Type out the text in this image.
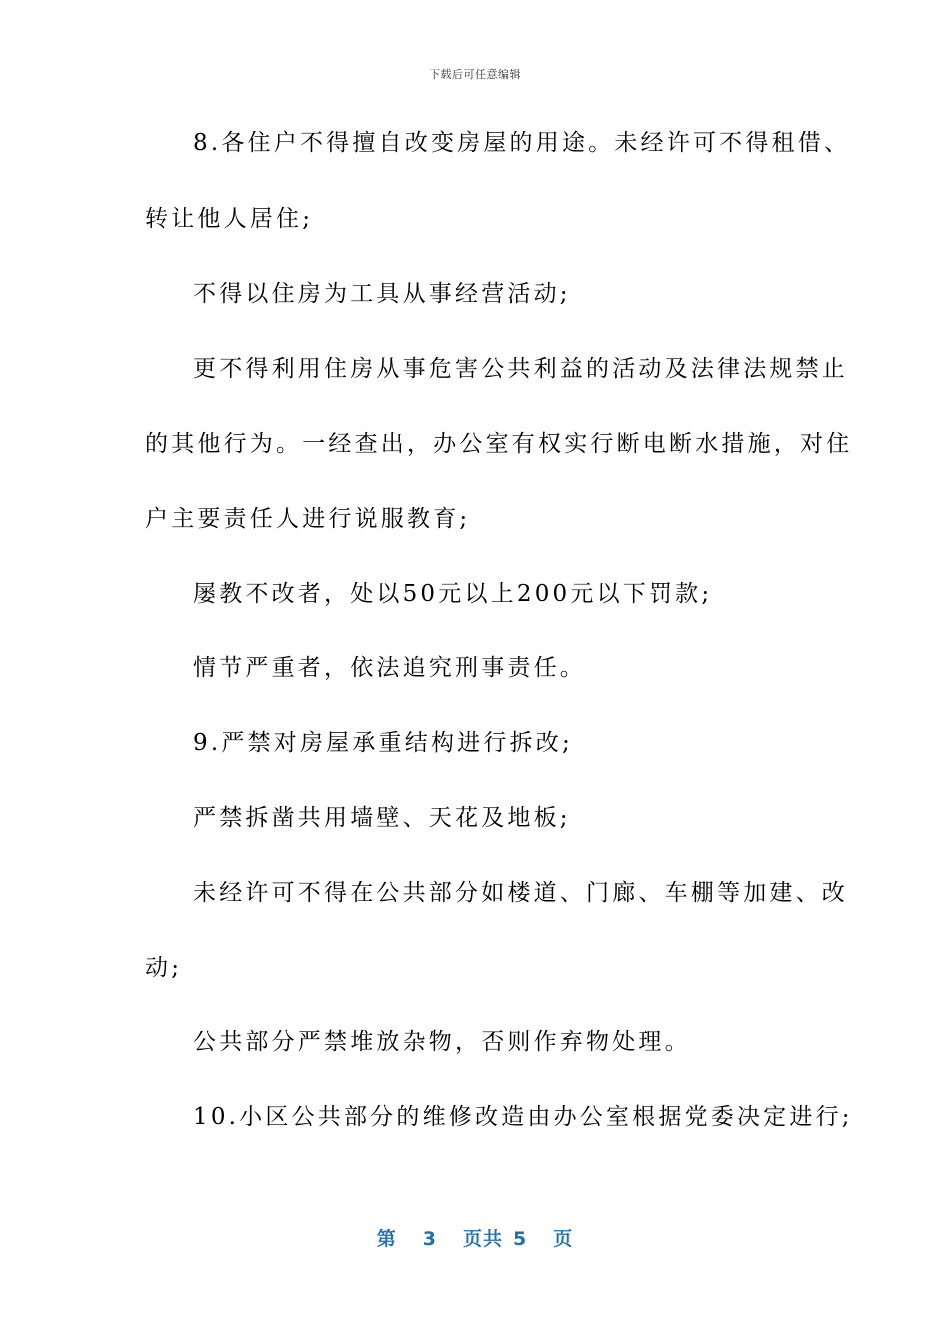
下载后可任意编辑
8.各住户不得擅自改变房屋的用途。未经许可不得租借、
转让他人居住;
不得以住房为工具从事经营活动;
更不得利用住房从事危害公共利益的活动及法律法规禁止
的其他行为。一经查出，办公室有权实行断电断水措施，对住
户主要责任人进行说服教育;
屡教不改者，处以50元以上200元以下罚款;
情节严重者，依法追究刑事责任。
9.严禁对房屋承重结构进行拆改;
严禁拆凿共用墙壁、天花及地板;
未经许可不得在公共部分如楼道、门廊、车棚等加建、改
动;
公共部分严禁堆放杂物，否则作弃物处理。
10.小区公共部分的维修改造由办公室根据党委决定进行;
第 3 页共 5 页
